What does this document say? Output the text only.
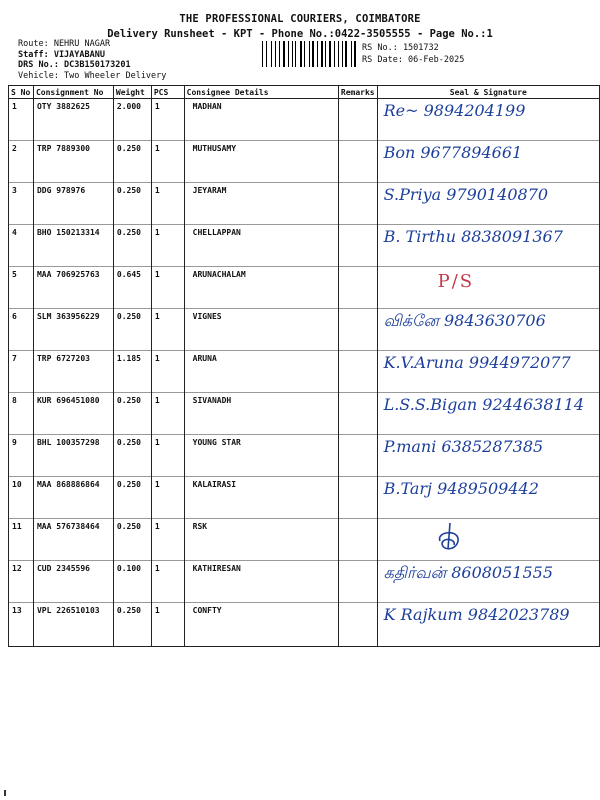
THE PROFESSIONAL COURIERS, COIMBATORE
Delivery Runsheet - KPT - Phone No.:0422-3505555 - Page No.:1
Route: NEHRU NAGAR
Staff: VIJAYABANU
DRS No.: DC3B150173201
Vehicle: Two Wheeler Delivery
RS No.: 1501732
RS Date: 06-Feb-2025
S No	Consignment No	Weight	PCS	Consignee Details	Remarks	Seal & Signature
1	OTY 3882625	2.000	1	MADHAN		Re~ 9894204199

2	TRP 7889300	0.250	1	MUTHUSAMY		Bon 9677894661

3	DDG 978976	0.250	1	JEYARAM		S.Priya 9790140870

4	BHO 150213314	0.250	1	CHELLAPPAN		B. Tirthu 8838091367

5	MAA 706925763	0.645	1	ARUNACHALAM		P/S

6	SLM 363956229	0.250	1	VIGNES		விக்னே 9843630706

7	TRP 6727203	1.185	1	ARUNA		K.V.Aruna 9944972077

8	KUR 696451080	0.250	1	SIVANADH		L.S.S.Bigan 9244638114

9	BHL 100357298	0.250	1	YOUNG STAR		P.mani 6385287385

10	MAA 868886864	0.250	1	KALAIRASI		B.Tarj 9489509442

11	MAA 576738464	0.250	1	RSK		

12	CUD 2345596	0.100	1	KATHIRESAN		கதிர்வன் 8608051555

13	VPL 226510103	0.250	1	CONFTY		K Rajkum 9842023789
